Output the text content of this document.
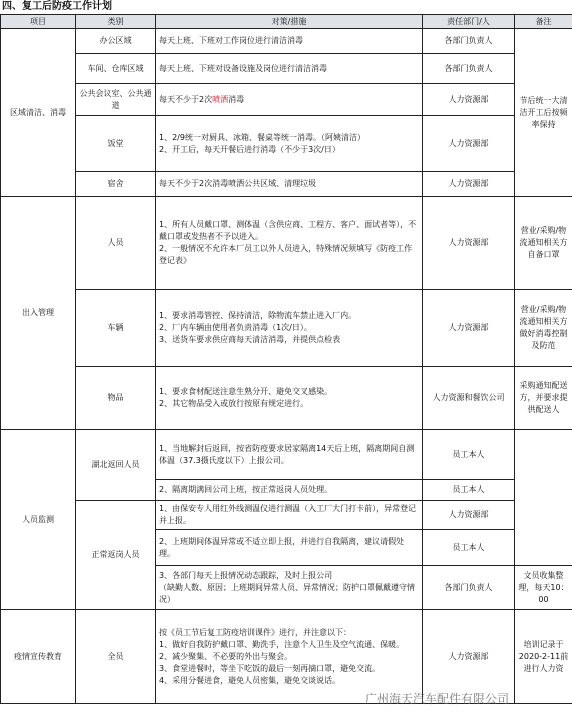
四、复工后防疫工作计划
项目	类别	对策/措施	责任部门/人	备注
区域清洁、消毒	办公区域	每天上班、下班对工作岗位进行清洁消毒	各部门负责人	节后统一大清洁开工后按频率保持
	车间、仓库区域	每天上班、下班对设备设施及岗位进行清洁消毒	各部门负责人	
	公共会议室、公共通道	每天不少于2次喷洒消毒	人力资源部	
	饭堂	1、2/9统一对厨具、冰箱、餐桌等统一消毒。（阿姨清洁）
2、开工后，每天开餐后进行消毒（不少于3次/日）	人力资源部	
	宿舍	每天不少于2次消毒喷洒公共区域、清理垃圾	人力资源部	
出入管理	人员	1、所有人员戴口罩、测体温（含供应商、工程方、客户、面试者等），不戴口罩或发热者不予以进入。
2、一般情况不允许本厂员工以外人员进入，特殊情况须填写《防疫工作登记表》	人力资源部	营业/采购/物流通知相关方自备口罩
	车辆	1、要求消毒管控、保持清洁，除物流车禁止进入厂内。
2、厂内车辆由使用者负责消毒（1次/日）。
3、送货车要求供应商每天清洁消毒，并提供点检表	人力资源部	营业/采购/物流通知相关方做好消毒控制及防范
	物品	1、要求食材配送注意生熟分开、避免交叉感染。
2、其它物品受入或放行按原有规定进行。	人力资源和餐饮公司	采购通知配送方，并要求提供配送人
人员监测	湖北返回人员	1、当地解封后返回，按省防疫要求居家隔离14天后上班，隔离期间自测体温（37.3摄氏度以下）上报公司。	员工本人	
		2、隔离期满回公司上班，按正常返岗人员处理。	员工本人	
	正常返岗人员	1、由保安专人用红外线测温仪进行测温（入工厂大门打卡前），异常登记并上报。	人力资源部	
		2、上班期间体温异常或不适立即上报，并进行自我隔离，建议请假处理。	员工本人	

		3、各部门每天上报情况动态跟踪，及时上报公司
（缺勤人数、原因；上班期间异常人员、异常情况；防护口罩佩戴遵守情况）	各部门负责人	文员收集整理，每天10：00
疫情宣传教育	全员	按《员工节后复工防疫培训课件》进行，并注意以下：
1、做好自我防护戴口罩、勤洗手，注意个人卫生及空气流通、保暖。
2、减少聚集、不必要的外出与聚会。
3、食堂进餐时，等坐下吃饭的最后一刻再摘口罩，避免交流。
4、采用分餐进食，避免人员密集，避免交谈说话。	人力资源部	培训记录于2020-2-11前进行人力资
广州海天汽车配件有限公司
